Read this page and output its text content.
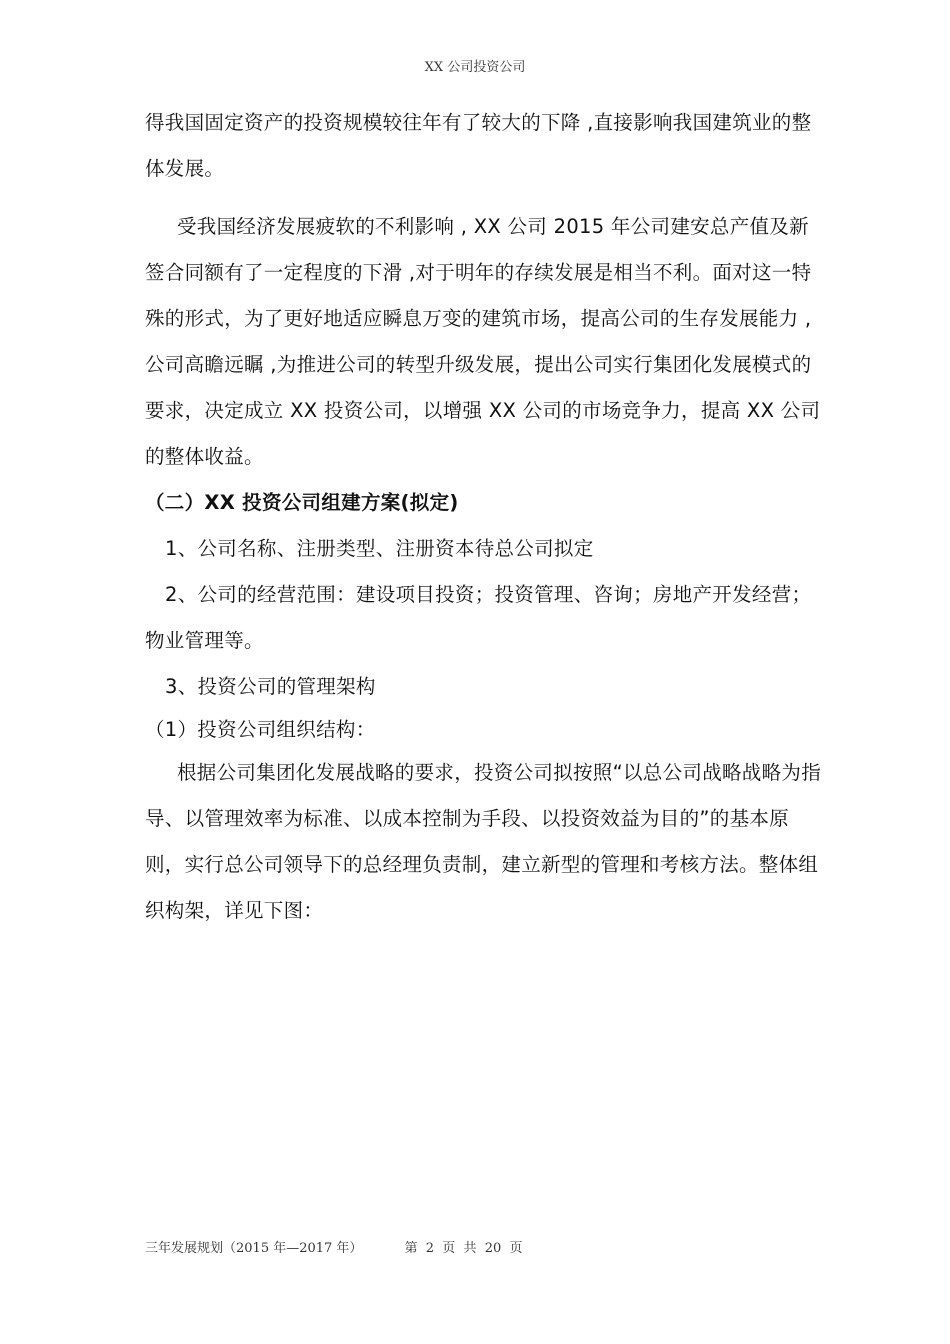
XX 公司投资公司

得我国固定资产的投资规模较往年有了较大的下降 ,直接影响我国建筑业的整体发展。

受我国经济发展疲软的不利影响 , XX 公司 2015 年公司建安总产值及新签合同额有了一定程度的下滑 ,对于明年的存续发展是相当不利。面对这一特殊的形式，为了更好地适应瞬息万变的建筑市场，提高公司的生存发展能力 ,公司高瞻远瞩 ,为推进公司的转型升级发展，提出公司实行集团化发展模式的要求，决定成立 XX 投资公司，以增强 XX 公司的市场竞争力，提高 XX 公司的整体收益。

（二）XX 投资公司组建方案(拟定)

1、公司名称、注册类型、注册资本待总公司拟定

2、公司的经营范围：建设项目投资；投资管理、咨询；房地产开发经营；物业管理等。

3、投资公司的管理架构

（1）投资公司组织结构：

根据公司集团化发展战略的要求，投资公司拟按照“以总公司战略战略为指导、以管理效率为标准、以成本控制为手段、以投资效益为目的”的基本原则，实行总公司领导下的总经理负责制，建立新型的管理和考核方法。整体组织构架，详见下图：

三年发展规划（2015 年—2017 年）	第  2  页  共  20  页
